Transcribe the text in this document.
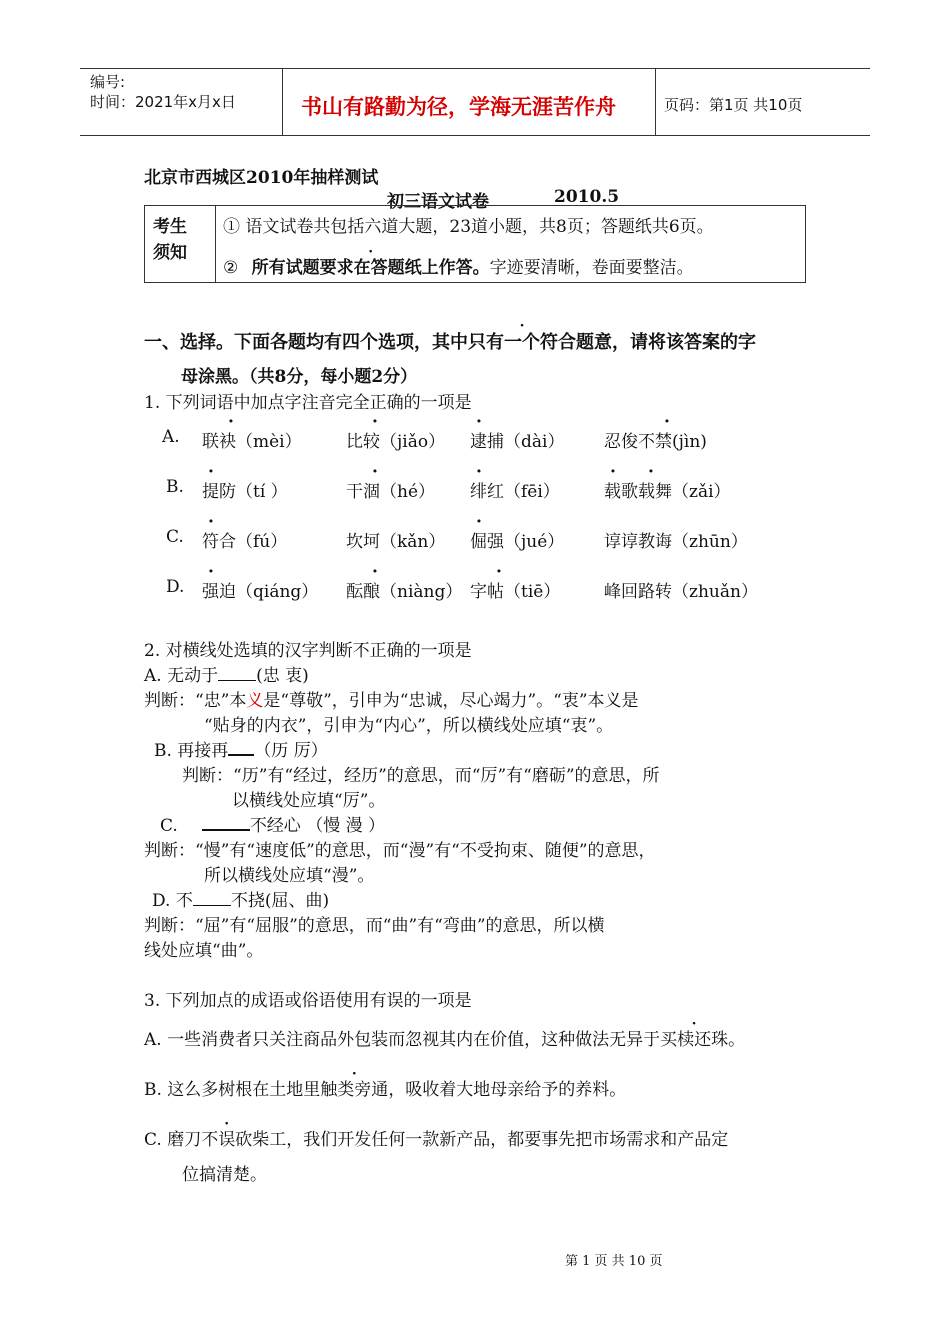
编号:
时间：2021年x月x日	书山有路勤为径，学海无涯苦作舟	页码：第1页 共10页
北京市西城区2010年抽样测试
初三语文试卷	2010.5
考生
须知
① 语文试卷共包括六道大题，23道小题，共8页；答题纸共6页。
② · 所有试题要求在答题纸上作答。字迹要清晰，卷面要整洁。
一、选择。下面各题均有四个选项，其中只有一个符合题意，请将该答案的字
母涂黑。（共8分，每小题2分）
1. 下列词语中加点字注音完全正确的一项是
A. 联袂（mèi）	比较（jiǎo） 逮捕（dài） 忍俊不禁(jìn)
B. 提防（tí ）	干涸（hé） 绯红（fēi）	载歌载舞（zǎi）
C. 符合（fú）	坎坷（kǎn） 倔强（jué） 谆谆教诲（zhūn）
D. 强迫（qiáng） 酝酿（niàng） 字帖（tiē）	峰回路转（zhuǎn）
·	·	·	·
·	·	·	· ·
·	·
·	·	·
2. 对横线处选填的汉字判断不正确的一项是
A. 无动于 (忠 衷)
判断：“忠”本义是“尊敬”，引申为“忠诚，尽心竭力”。“衷”本义是
“贴身的内衣”，引申为“内心”，所以横线处应填“衷”。
B. 再接再 （历 厉）
判断：“历”有“经过，经历”的意思，而“厉”有“磨砺”的意思，所
以横线处应填“厉”。
C.	不经心 （慢 漫 ）
判断：“慢”有“速度低”的意思，而“漫”有“不受拘束、随便”的意思，
所以横线处应填“漫”。
D. 不 不挠(屈、曲)
判断：“屈”有“屈服”的意思，而“曲”有“弯曲”的意思，所以横
线处应填“曲”。
3. 下列加点的成语或俗语使用有误的一项是
A. 一些消费者只关注商品外包装而忽视其内在价值，这种做法无异于买椟还珠。
B. 这么多树根在土地里触类旁通，吸收着大地母亲给予的养料。
C. · 磨刀不误砍柴工，我们开发任何一款新产品，都要事先把市场需求和产品定
位搞清楚。
第 1 页 共 10 页
